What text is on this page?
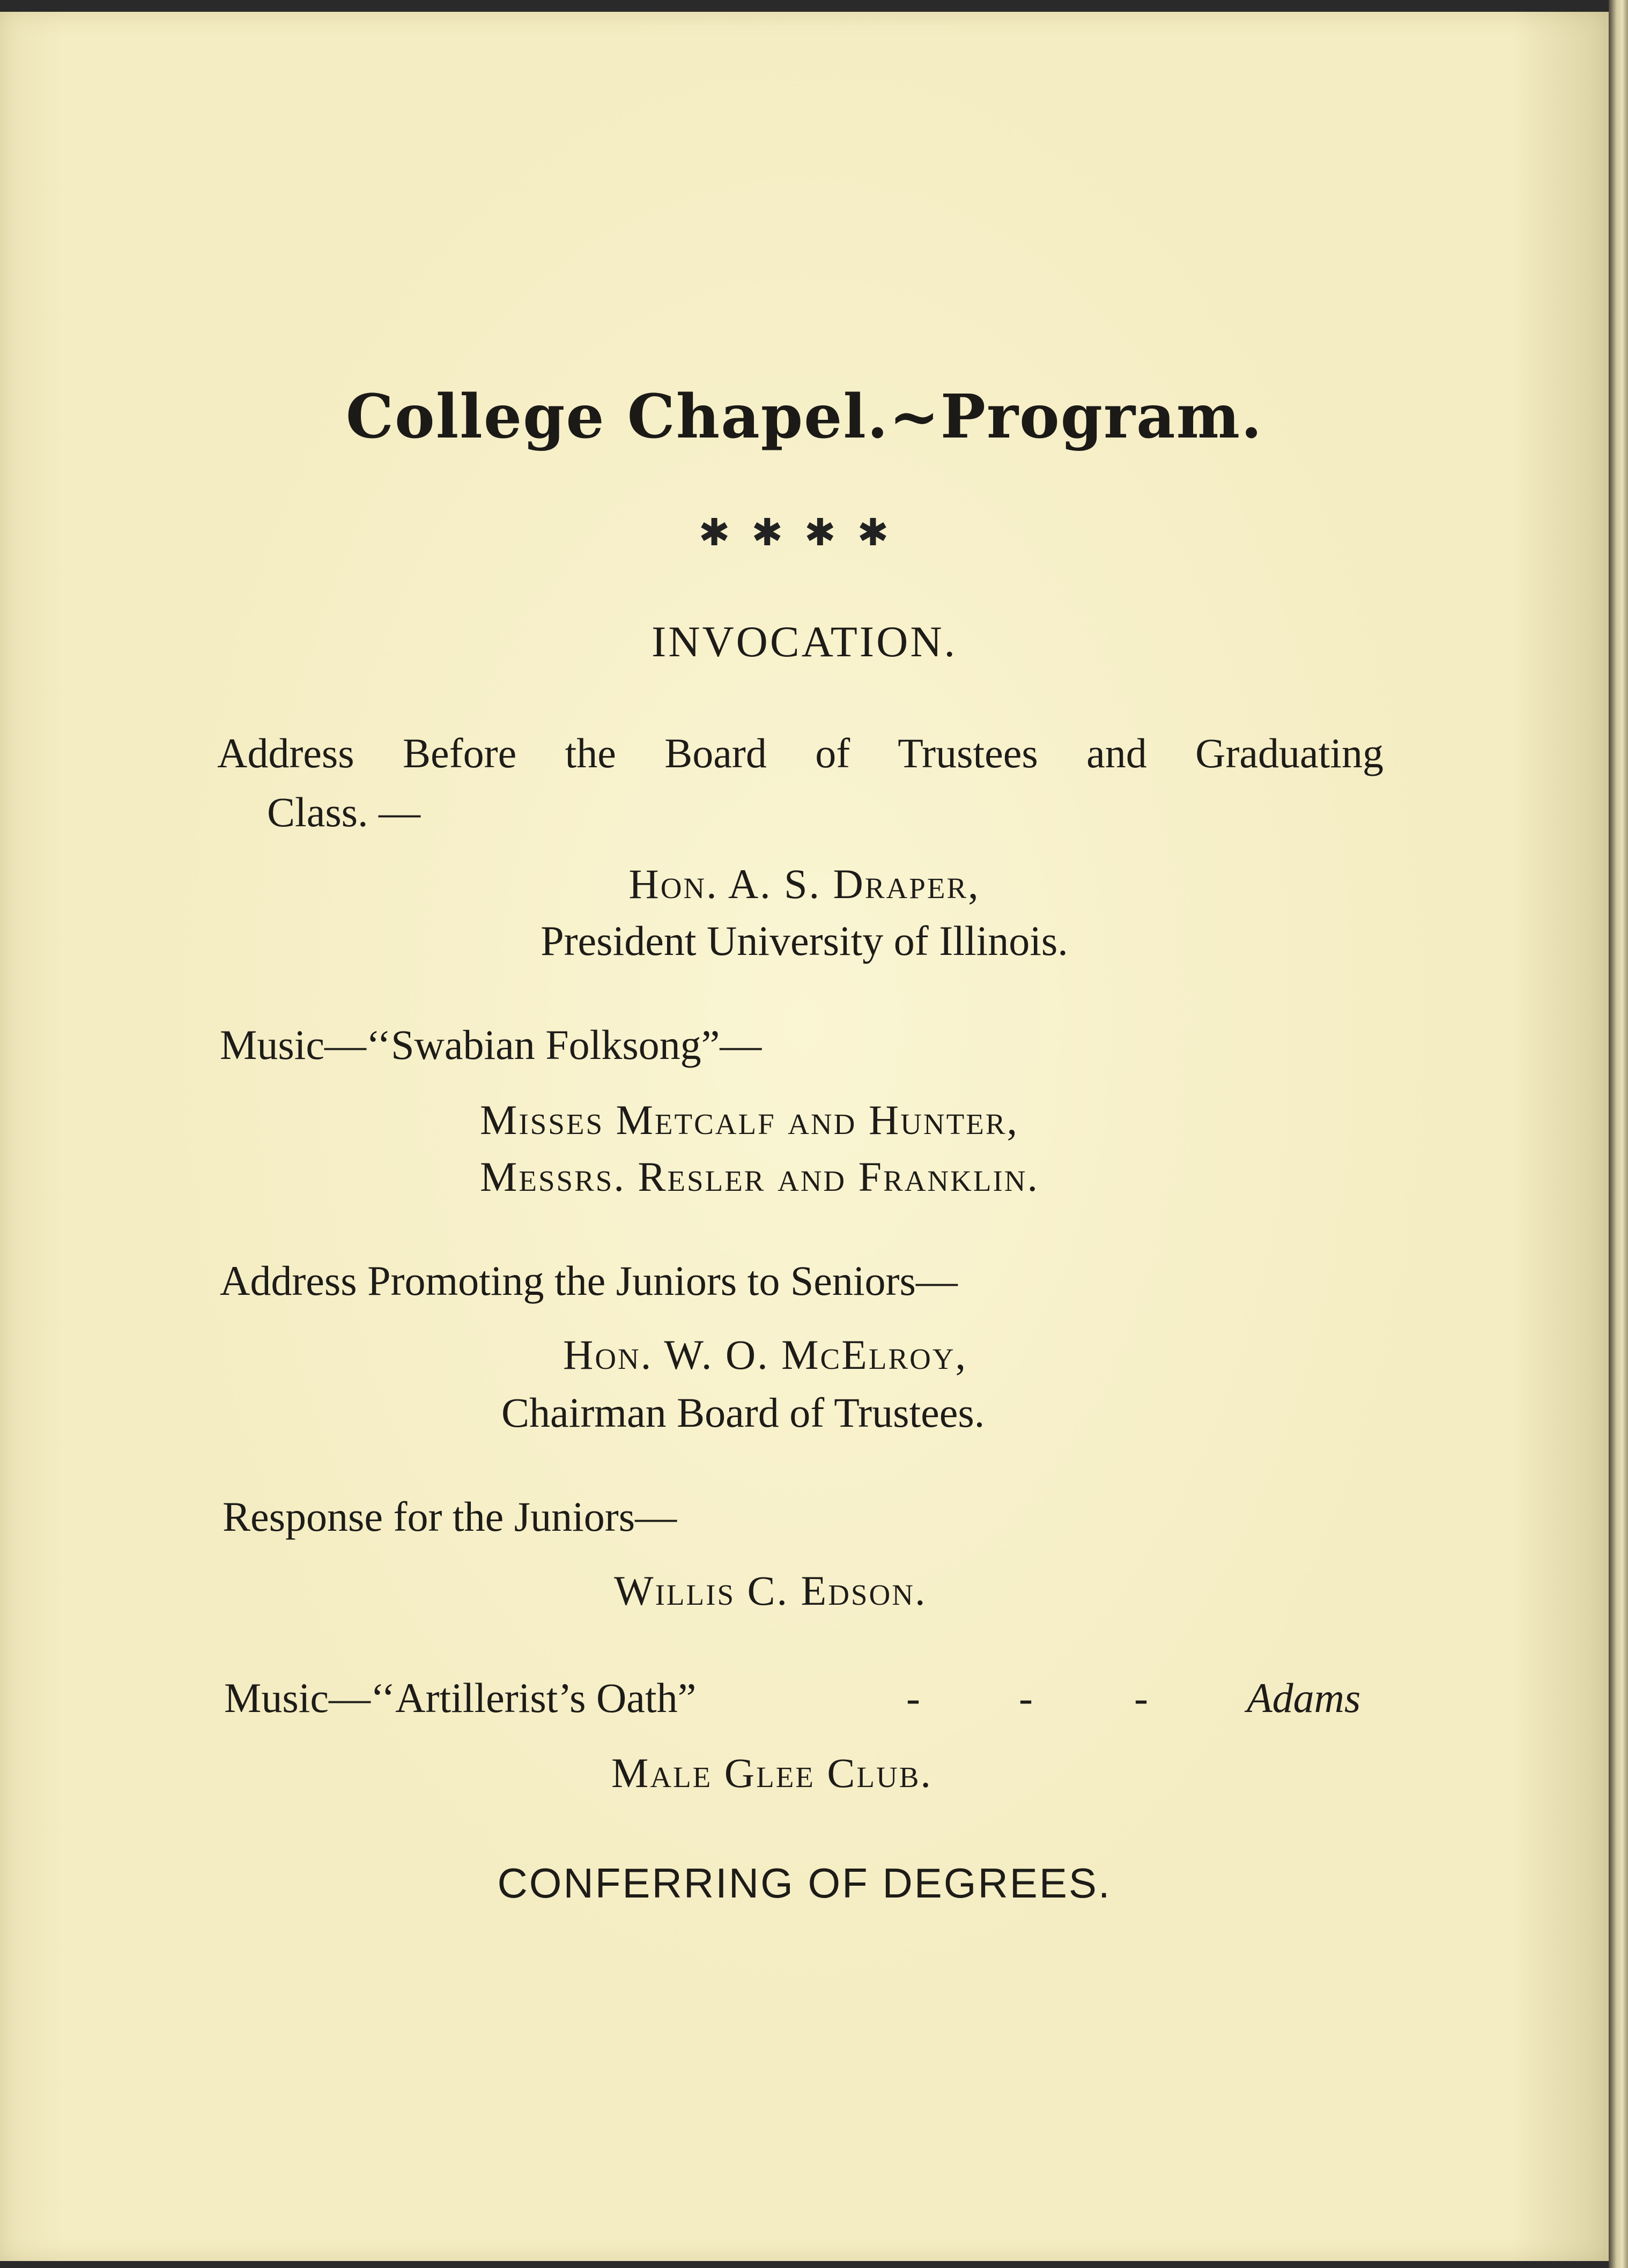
College Chapel.~Program.
✱✱✱✱
INVOCATION.
Address Before the Board of Trustees and Graduating
Class. —
Hon. A. S. Draper,
President University of Illinois.
Music—‘‘Swabian Folksong”—
Misses Metcalf and Hunter,
Messrs. Resler and Franklin.
Address Promoting the Juniors to Seniors—
Hon. W. O. McElroy,
Chairman Board of Trustees.
Response for the Juniors—
Willis C. Edson.
Music—‘‘Artillerist’s Oath”	- - - Adams
Male Glee Club.
CONFERRING OF DEGREES.
